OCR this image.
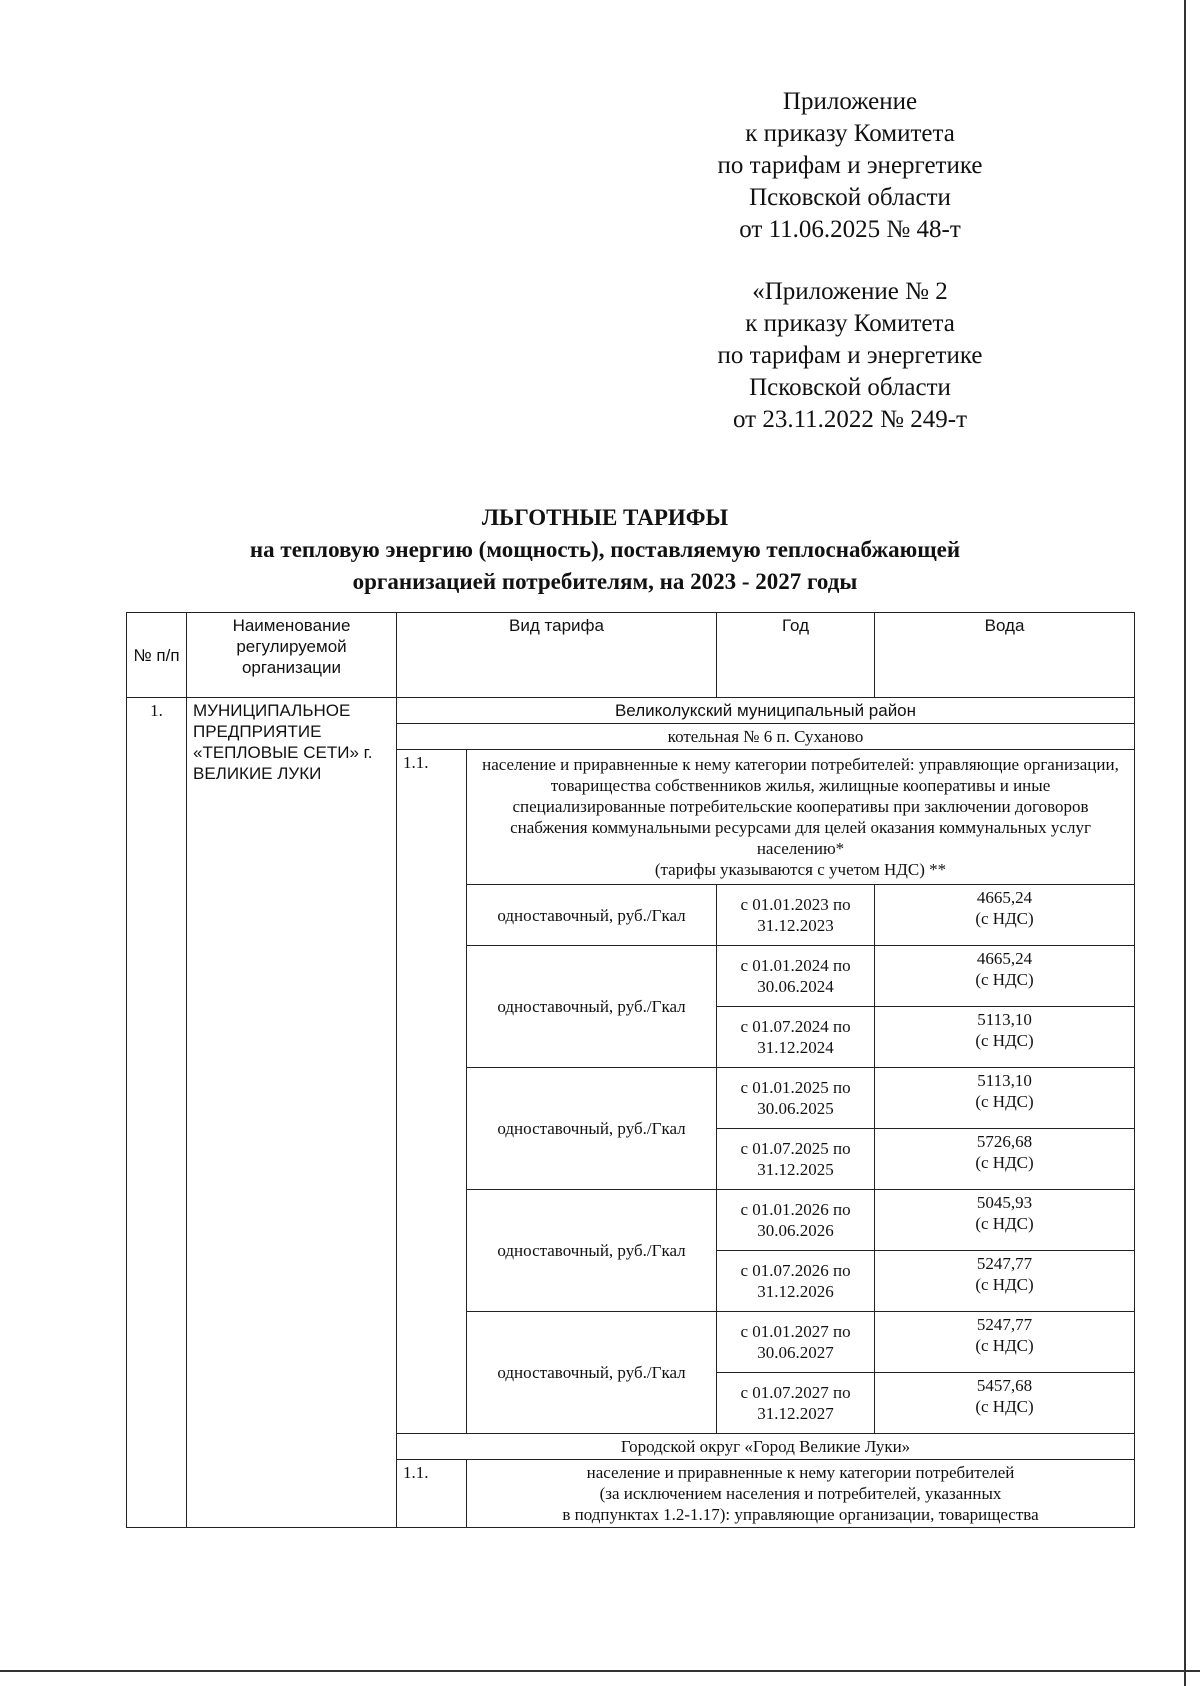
Приложение
к приказу Комитета
по тарифам и энергетике
Псковской области
от 11.06.2025 № 48-т
«Приложение № 2
к приказу Комитета
по тарифам и энергетике
Псковской области
от 23.11.2022 № 249-т
ЛЬГОТНЫЕ ТАРИФЫ
на тепловую энергию (мощность), поставляемую теплоснабжающей
организацией потребителям, на 2023 - 2027 годы
№ п/п	Наименование регулируемой организации	Вид тарифа		Год	Вода
1.	МУНИЦИПАЛЬНОЕ ПРЕДПРИЯТИЕ «ТЕПЛОВЫЕ СЕТИ» г. ВЕЛИКИЕ ЛУКИ	Великолукский муниципальный район			
		котельная № 6 п. Суханово			
		1.1.	население и приравненные к нему категории потребителей: управляющие организации, товарищества собственников жилья, жилищные кооперативы и иные специализированные потребительские кооперативы при заключении договоров снабжения коммунальными ресурсами для целей оказания коммунальных услуг населению*
(тарифы указываются с учетом НДС) **		

			одноставочный, руб./Гкал	с 01.01.2023 по 31.12.2023	4665,24
(с НДС)

			одноставочный, руб./Гкал	с 01.01.2024 по 30.06.2024	4665,24
(с НДС)

				с 01.07.2024 по 31.12.2024	5113,10
(с НДС)

			одноставочный, руб./Гкал	с 01.01.2025 по 30.06.2025	5113,10
(с НДС)

				с 01.07.2025 по 31.12.2025	5726,68
(с НДС)

			одноставочный, руб./Гкал	с 01.01.2026 по 30.06.2026	5045,93
(с НДС)

				с 01.07.2026 по 31.12.2026	5247,77
(с НДС)

			одноставочный, руб./Гкал	с 01.01.2027 по 30.06.2027	5247,77
(с НДС)

				с 01.07.2027 по 31.12.2027	5457,68
(с НДС)

		Городской округ «Город Великие Луки»			
		1.1.	население и приравненные к нему категории потребителей
(за исключением населения и потребителей, указанных
в подпунктах 1.2-1.17): управляющие организации, товарищества		
